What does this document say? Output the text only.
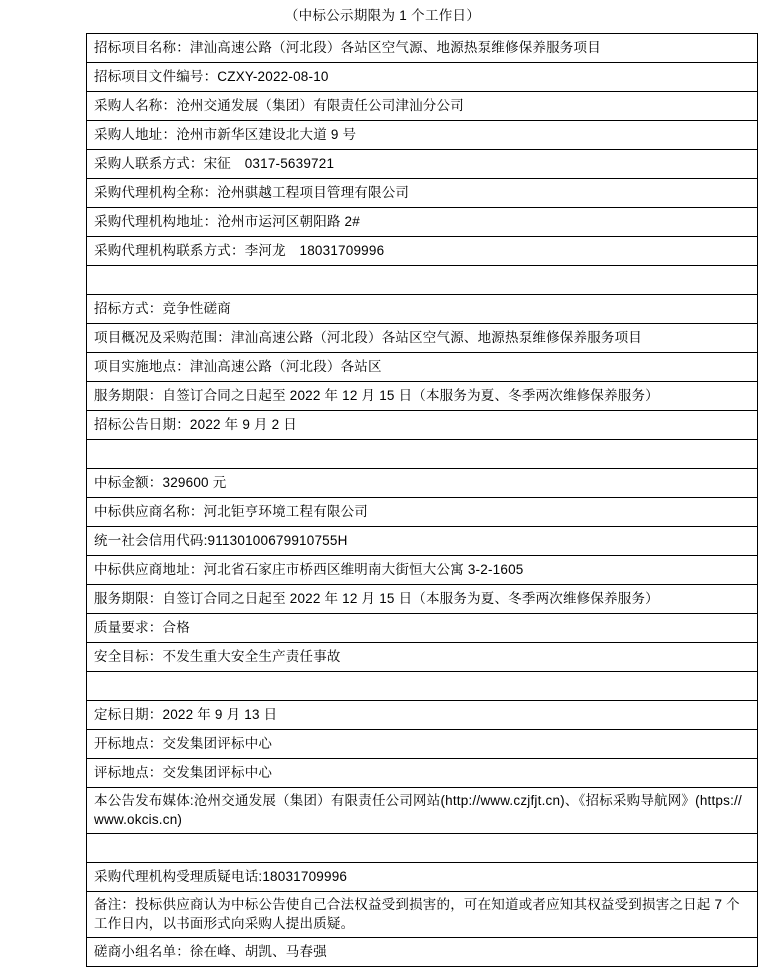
（中标公示期限为 1 个工作日）
招标项目名称：津汕高速公路（河北段）各站区空气源、地源热泵维修保养服务项目
招标项目文件编号：CZXY-2022-08-10
采购人名称：沧州交通发展（集团）有限责任公司津汕分公司
采购人地址：沧州市新华区建设北大道 9 号
采购人联系方式：宋征　0317-5639721
采购代理机构全称：沧州骐越工程项目管理有限公司
采购代理机构地址：沧州市运河区朝阳路 2#
采购代理机构联系方式：李河龙　18031709996

招标方式：竞争性磋商
项目概况及采购范围：津汕高速公路（河北段）各站区空气源、地源热泵维修保养服务项目
项目实施地点：津汕高速公路（河北段）各站区
服务期限：自签订合同之日起至 2022 年 12 月 15 日（本服务为夏、冬季两次维修保养服务）
招标公告日期：2022 年 9 月 2 日

中标金额：329600 元
中标供应商名称：河北钜亨环境工程有限公司
统一社会信用代码:91130100679910755H
中标供应商地址：河北省石家庄市桥西区维明南大街恒大公寓 3-2-1605
服务期限：自签订合同之日起至 2022 年 12 月 15 日（本服务为夏、冬季两次维修保养服务）
质量要求：合格
安全目标：不发生重大安全生产责任事故

定标日期：2022 年 9 月 13 日
开标地点：交发集团评标中心
评标地点：交发集团评标中心
本公告发布媒体:沧州交通发展（集团）有限责任公司网站(http://www.czjfjt.cn)、《招标采购导航网》(https://www.okcis.cn)

采购代理机构受理质疑电话:18031709996
备注：投标供应商认为中标公告使自己合法权益受到损害的，可在知道或者应知其权益受到损害之日起 7 个工作日内，以书面形式向采购人提出质疑。
磋商小组名单：徐在峰、胡凯、马春强
